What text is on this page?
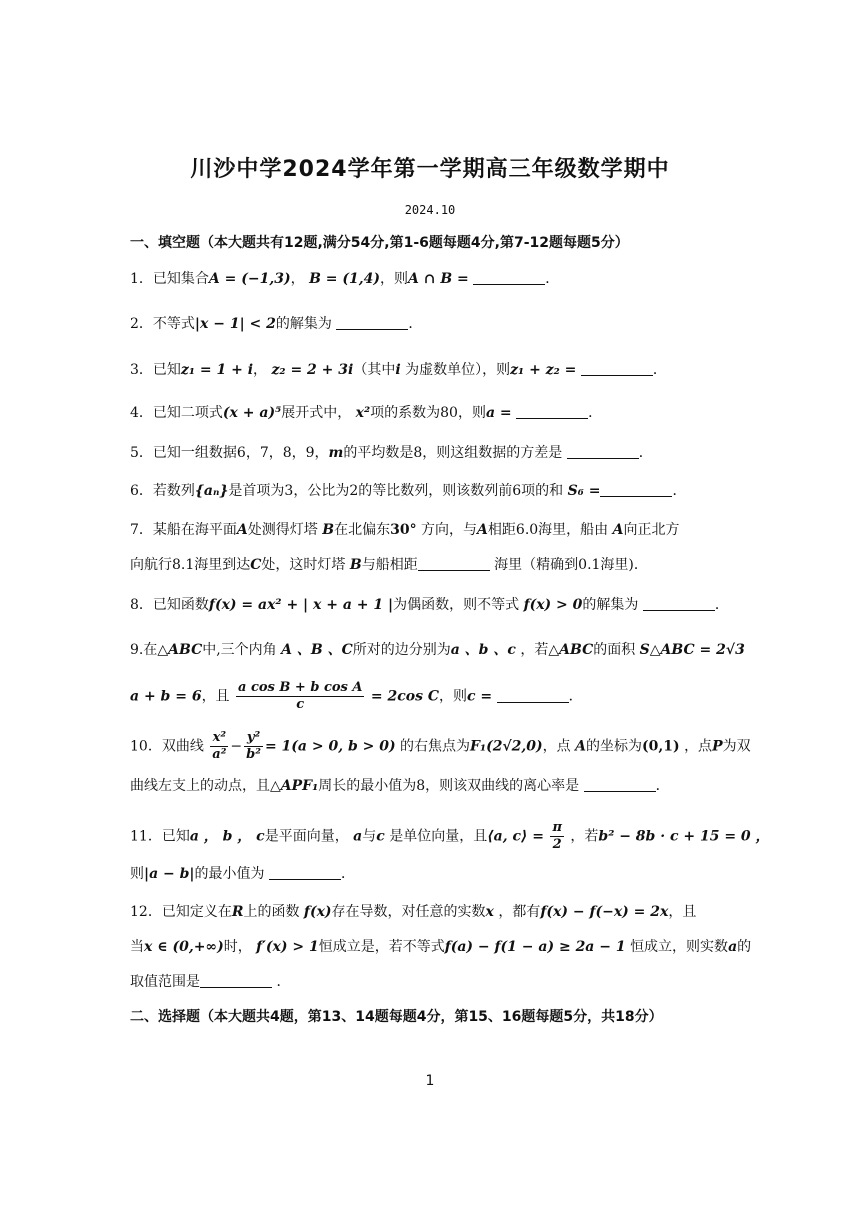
川沙中学2024学年第一学期高三年级数学期中
2024.10
一、填空题（本大题共有12题,满分54分,第1-6题每题4分,第7-12题每题5分）
1．已知集合A = (−1,3)， B = (1,4)，则A ∩ B =	．
2．不等式|x − 1| < 2的解集为	．
3．已知z₁ = 1 + i， z₂ = 2 + 3i（其中i 为虚数单位），则z₁ + z₂ =	．
4．已知二项式(x + a)⁵展开式中， x²项的系数为80，则a =	．
5．已知一组数据6，7，8，9，m的平均数是8，则这组数据的方差是	．
6．若数列{aₙ}是首项为3，公比为2的等比数列，则该数列前6项的和 S₆ =	．
7．某船在海平面A处测得灯塔 B在北偏东30° 方向，与A相距6.0海里，船由 A向正北方
向航行8.1海里到达C处，这时灯塔 B与船相距	海里（精确到0.1海里)．
8．已知函数f(x) = ax² + | x + a + 1 |为偶函数，则不等式 f(x) > 0的解集为	．
9.在△ABC中,三个内角 A 、B 、C所对的边分别为a 、b 、c ，若△ABC的面积 S△ABC = 2√3
a + b = 6，且 $\frac{\text{a cos B + b cos A}}{c} = 2\cos$ C，则c =	．
10．双曲线 $\frac{\text{x²}}{\text{a²}} - \frac{\text{y²}}{\text{b²}} = 1(a > 0$, b > 0) 的右焦点为F₁(2√2,0)，点 A的坐标为(0,1) ，点P为双
曲线左支上的动点，且△APF₁周长的最小值为8，则该双曲线的离心率是	．
11．已知a ， b ， c是平面向量， a与c 是单位向量，且⟨a, c⟩ = $\frac{\pi}{2}$ ，若b² − 8b · c + 15 = 0 ，
则|a − b|的最小值为	．
12．已知定义在R上的函数 f(x)存在导数，对任意的实数x ，都有f(x) − f(−x) = 2x，且
当x ∈ (0,+∞)时， f′(x) > 1恒成立是，若不等式f(a) − f(1 − a) ≥ 2a − 1 恒成立，则实数a的
取值范围是	．
二、选择题（本大题共4题，第13、14题每题4分，第15、16题每题5分，共18分）
1
